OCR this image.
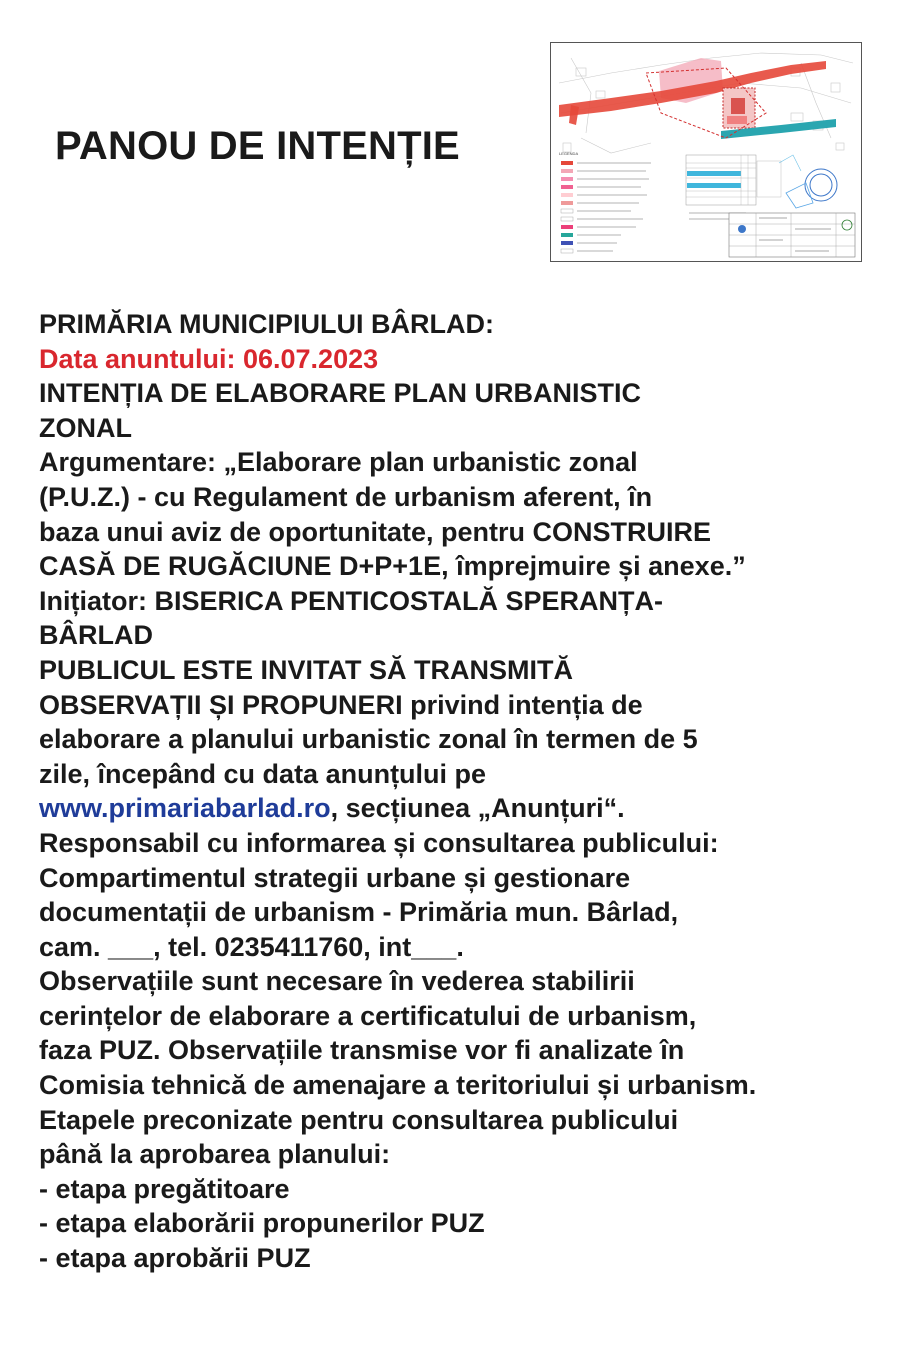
PANOU DE INTENȚIE	LEGENDA
PRIMĂRIA MUNICIPIULUI BÂRLAD:
Data anuntului: 06.07.2023
INTENȚIA DE ELABORARE PLAN URBANISTIC
ZONAL
Argumentare: „Elaborare plan urbanistic zonal
(P.U.Z.) - cu Regulament de urbanism aferent, în
baza unui aviz de oportunitate, pentru CONSTRUIRE
CASĂ DE RUGĂCIUNE D+P+1E, împrejmuire și anexe.”
Inițiator: BISERICA PENTICOSTALĂ SPERANȚA-
BÂRLAD
PUBLICUL ESTE INVITAT SĂ TRANSMITĂ
OBSERVAȚII ȘI PROPUNERI privind intenția de
elaborare a planului urbanistic zonal în termen de 5
zile, începând cu data anunțului pe
www.primariabarlad.ro, secțiunea „Anunțuri“.
Responsabil cu informarea și consultarea publicului:
Compartimentul strategii urbane și gestionare
documentații de urbanism - Primăria mun. Bârlad,
cam. ___, tel. 0235411760, int___.
Observațiile sunt necesare în vederea stabilirii
cerințelor de elaborare a certificatului de urbanism,
faza PUZ. Observațiile transmise vor fi analizate în
Comisia tehnică de amenajare a teritoriului și urbanism.
Etapele preconizate pentru consultarea publicului
până la aprobarea planului:
- etapa pregătitoare
- etapa elaborării propunerilor PUZ
- etapa aprobării PUZ
